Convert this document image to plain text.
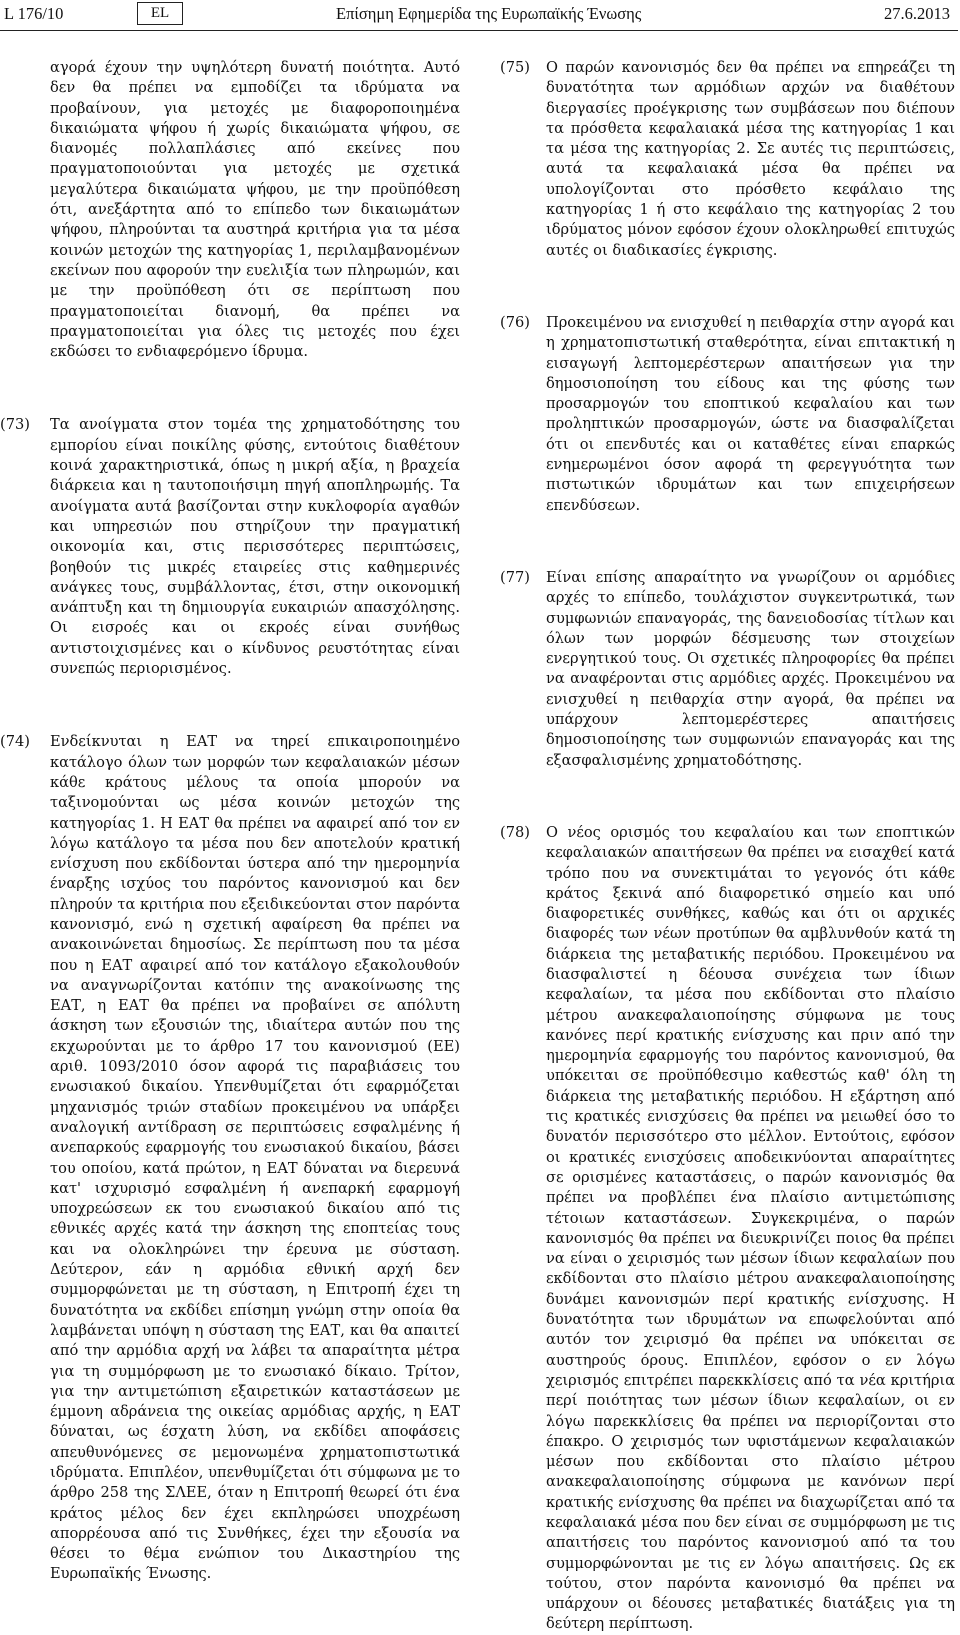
L 176/10	EL	Επίσημη Εφημερίδα της Ευρωπαϊκής Ένωσης	27.6.2013
αγορά έχουν την υψηλότερη δυνατή ποιότητα. Αυτό δεν θα πρέπει να εμποδίζει τα ιδρύματα να προβαίνουν, για μετοχές με διαφοροποιημένα δικαιώματα ψήφου ή χωρίς δικαιώματα ψήφου, σε διανομές πολλαπλάσιες από εκείνες που πραγματοποιούνται για μετοχές με σχετικά μεγαλύτερα δικαιώματα ψήφου, με την προϋπόθεση ότι, ανεξάρτητα από το επίπεδο των δικαιωμάτων ψήφου, πληρούνται τα αυστηρά κριτήρια για τα μέσα κοινών μετοχών της κατηγορίας 1, περιλαμβανομένων εκείνων που αφορούν την ευελιξία των πληρωμών, και με την προϋπόθεση ότι σε περίπτωση που πραγματοποιείται διανομή, θα πρέπει να πραγματοποιείται για όλες τις μετοχές που έχει εκδώσει το ενδιαφερόμενο ίδρυμα.
(73) Τα ανοίγματα στον τομέα της χρηματοδότησης του εμπορίου είναι ποικίλης φύσης, εντούτοις διαθέτουν κοινά χαρακτηριστικά, όπως η μικρή αξία, η βραχεία διάρκεια και η ταυτοποιήσιμη πηγή αποπληρωμής. Τα ανοίγματα αυτά βασίζονται στην κυκλοφορία αγαθών και υπηρεσιών που στηρίζουν την πραγματική οικονομία και, στις περισσότερες περιπτώσεις, βοηθούν τις μικρές εταιρείες στις καθημερινές ανάγκες τους, συμβάλλοντας, έτσι, στην οικονομική ανάπτυξη και τη δημιουργία ευκαιριών απασχόλησης. Οι εισροές και οι εκροές είναι συνήθως αντιστοιχισμένες και ο κίνδυνος ρευστότητας είναι συνεπώς περιορισμένος.
(74) Ενδείκνυται η ΕΑΤ να τηρεί επικαιροποιημένο κατάλογο όλων των μορφών των κεφαλαιακών μέσων κάθε κράτους μέλους τα οποία μπορούν να ταξινομούνται ως μέσα κοινών μετοχών της κατηγορίας 1. Η ΕΑΤ θα πρέπει να αφαιρεί από τον εν λόγω κατάλογο τα μέσα που δεν αποτελούν κρατική ενίσχυση που εκδίδονται ύστερα από την ημερομηνία έναρξης ισχύος του παρόντος κανονισμού και δεν πληρούν τα κριτήρια που εξειδικεύονται στον παρόντα κανονισμό, ενώ η σχετική αφαίρεση θα πρέπει να ανακοινώνεται δημοσίως. Σε περίπτωση που τα μέσα που η ΕΑΤ αφαιρεί από τον κατάλογο εξακολουθούν να αναγνωρίζονται κατόπιν της ανακοίνωσης της ΕΑΤ, η ΕΑΤ θα πρέπει να προβαίνει σε απόλυτη άσκηση των εξουσιών της, ιδιαίτερα αυτών που της εκχωρούνται με το άρθρο 17 του κανονισμού (ΕΕ) αριθ. 1093/2010 όσον αφορά τις παραβιάσεις του ενωσιακού δικαίου. Υπενθυμίζεται ότι εφαρμόζεται μηχανισμός τριών σταδίων προκειμένου να υπάρξει αναλογική αντίδραση σε περιπτώσεις εσφαλμένης ή ανεπαρκούς εφαρμογής του ενωσιακού δικαίου, βάσει του οποίου, κατά πρώτον, η ΕΑΤ δύναται να διερευνά κατ' ισχυρισμό εσφαλμένη ή ανεπαρκή εφαρμογή υποχρεώσεων εκ του ενωσιακού δικαίου από τις εθνικές αρχές κατά την άσκηση της εποπτείας τους και να ολοκληρώνει την έρευνα με σύσταση. Δεύτερον, εάν η αρμόδια εθνική αρχή δεν συμμορφώνεται με τη σύσταση, η Επιτροπή έχει τη δυνατότητα να εκδίδει επίσημη γνώμη στην οποία θα λαμβάνεται υπόψη η σύσταση της ΕΑΤ, και θα απαιτεί από την αρμόδια αρχή να λάβει τα απαραίτητα μέτρα για τη συμμόρφωση με το ενωσιακό δίκαιο. Τρίτον, για την αντιμετώπιση εξαιρετικών καταστάσεων με έμμονη αδράνεια της οικείας αρμόδιας αρχής, η ΕΑΤ δύναται, ως έσχατη λύση, να εκδίδει αποφάσεις απευθυνόμενες σε μεμονωμένα χρηματοπιστωτικά ιδρύματα. Επιπλέον, υπενθυμίζεται ότι σύμφωνα με το άρθρο 258 της ΣΛΕΕ, όταν η Επιτροπή θεωρεί ότι ένα κράτος μέλος δεν έχει εκπληρώσει υποχρέωση απορρέουσα από τις Συνθήκες, έχει την εξουσία να θέσει το θέμα ενώπιον του Δικαστηρίου της Ευρωπαϊκής Ένωσης.
(75) Ο παρών κανονισμός δεν θα πρέπει να επηρεάζει τη δυνατότητα των αρμόδιων αρχών να διαθέτουν διεργασίες προέγκρισης των συμβάσεων που διέπουν τα πρόσθετα κεφαλαιακά μέσα της κατηγορίας 1 και τα μέσα της κατηγορίας 2. Σε αυτές τις περιπτώσεις, αυτά τα κεφαλαιακά μέσα θα πρέπει να υπολογίζονται στο πρόσθετο κεφάλαιο της κατηγορίας 1 ή στο κεφάλαιο της κατηγορίας 2 του ιδρύματος μόνον εφόσον έχουν ολοκληρωθεί επιτυχώς αυτές οι διαδικασίες έγκρισης.
(76) Προκειμένου να ενισχυθεί η πειθαρχία στην αγορά και η χρηματοπιστωτική σταθερότητα, είναι επιτακτική η εισαγωγή λεπτομερέστερων απαιτήσεων για την δημοσιοποίηση του είδους και της φύσης των προσαρμογών του εποπτικού κεφαλαίου και των προληπτικών προσαρμογών, ώστε να διασφαλίζεται ότι οι επενδυτές και οι καταθέτες είναι επαρκώς ενημερωμένοι όσον αφορά τη φερεγγυότητα των πιστωτικών ιδρυμάτων και των επιχειρήσεων επενδύσεων.
(77) Είναι επίσης απαραίτητο να γνωρίζουν οι αρμόδιες αρχές το επίπεδο, τουλάχιστον συγκεντρωτικά, των συμφωνιών επαναγοράς, της δανειοδοσίας τίτλων και όλων των μορφών δέσμευσης των στοιχείων ενεργητικού τους. Οι σχετικές πληροφορίες θα πρέπει να αναφέρονται στις αρμόδιες αρχές. Προκειμένου να ενισχυθεί η πειθαρχία στην αγορά, θα πρέπει να υπάρχουν λεπτομερέστερες απαιτήσεις δημοσιοποίησης των συμφωνιών επαναγοράς και της εξασφαλισμένης χρηματοδότησης.
(78) Ο νέος ορισμός του κεφαλαίου και των εποπτικών κεφαλαιακών απαιτήσεων θα πρέπει να εισαχθεί κατά τρόπο που να συνεκτιμάται το γεγονός ότι κάθε κράτος ξεκινά από διαφορετικό σημείο και υπό διαφορετικές συνθήκες, καθώς και ότι οι αρχικές διαφορές των νέων προτύπων θα αμβλυνθούν κατά τη διάρκεια της μεταβατικής περιόδου. Προκειμένου να διασφαλιστεί η δέουσα συνέχεια των ίδιων κεφαλαίων, τα μέσα που εκδίδονται στο πλαίσιο μέτρου ανακεφαλαιοποίησης σύμφωνα με τους κανόνες περί κρατικής ενίσχυσης και πριν από την ημερομηνία εφαρμογής του παρόντος κανονισμού, θα υπόκειται σε προϋπόθεσιμο καθεστώς καθ' όλη τη διάρκεια της μεταβατικής περιόδου. Η εξάρτηση από τις κρατικές ενισχύσεις θα πρέπει να μειωθεί όσο το δυνατόν περισσότερο στο μέλλον. Εντούτοις, εφόσον οι κρατικές ενισχύσεις αποδεικνύονται απαραίτητες σε ορισμένες καταστάσεις, ο παρών κανονισμός θα πρέπει να προβλέπει ένα πλαίσιο αντιμετώπισης τέτοιων καταστάσεων. Συγκεκριμένα, ο παρών κανονισμός θα πρέπει να διευκρινίζει ποιος θα πρέπει να είναι ο χειρισμός των μέσων ίδιων κεφαλαίων που εκδίδονται στο πλαίσιο μέτρου ανακεφαλαιοποίησης δυνάμει κανονισμών περί κρατικής ενίσχυσης. Η δυνατότητα των ιδρυμάτων να επωφελούνται από αυτόν τον χειρισμό θα πρέπει να υπόκειται σε αυστηρούς όρους. Επιπλέον, εφόσον ο εν λόγω χειρισμός επιτρέπει παρεκκλίσεις από τα νέα κριτήρια περί ποιότητας των μέσων ίδιων κεφαλαίων, οι εν λόγω παρεκκλίσεις θα πρέπει να περιορίζονται στο έπακρο. Ο χειρισμός των υφιστάμενων κεφαλαιακών μέσων που εκδίδονται στο πλαίσιο μέτρου ανακεφαλαιοποίησης σύμφωνα με κανόνων περί κρατικής ενίσχυσης θα πρέπει να διαχωρίζεται από τα κεφαλαιακά μέσα που δεν είναι σε συμμόρφωση με τις απαιτήσεις του παρόντος κανονισμού από τα του συμμορφώνονται με τις εν λόγω απαιτήσεις. Ως εκ τούτου, στον παρόντα κανονισμό θα πρέπει να υπάρχουν οι δέουσες μεταβατικές διατάξεις για τη δεύτερη περίπτωση.
